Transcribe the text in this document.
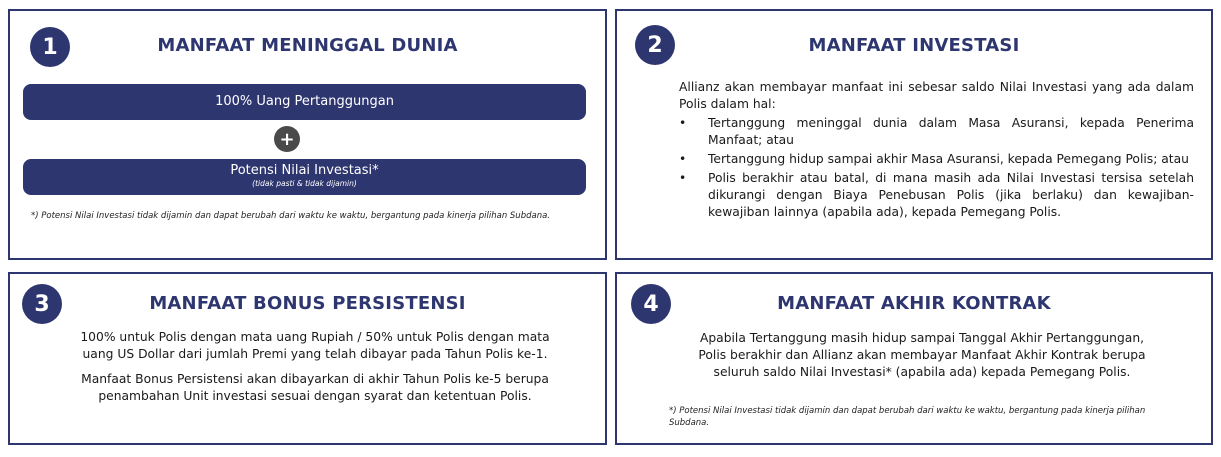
1	MANFAAT MENINGGAL DUNIA
100% Uang Pertanggungan
+
Potensi Nilai Investasi*
(tidak pasti & tidak dijamin)
*) Potensi Nilai Investasi tidak dijamin dan dapat berubah dari waktu ke waktu, bergantung pada kinerja pilihan Subdana.
2	MANFAAT INVESTASI
Allianz akan membayar manfaat ini sebesar saldo Nilai Investasi yang ada dalam Polis dalam hal:
• Tertanggung meninggal dunia dalam Masa Asuransi, kepada Penerima Manfaat; atau
• Tertanggung hidup sampai akhir Masa Asuransi, kepada Pemegang Polis; atau
• Polis berakhir atau batal, di mana masih ada Nilai Investasi tersisa setelah dikurangi dengan Biaya Penebusan Polis (jika berlaku) dan kewajiban-kewajiban lainnya (apabila ada), kepada Pemegang Polis.
3	MANFAAT BONUS PERSISTENSI
100% untuk Polis dengan mata uang Rupiah / 50% untuk Polis dengan mata uang US Dollar dari jumlah Premi yang telah dibayar pada Tahun Polis ke-1.
Manfaat Bonus Persistensi akan dibayarkan di akhir Tahun Polis ke-5 berupa penambahan Unit investasi sesuai dengan syarat dan ketentuan Polis.
4	MANFAAT AKHIR KONTRAK
Apabila Tertanggung masih hidup sampai Tanggal Akhir Pertanggungan, Polis berakhir dan Allianz akan membayar Manfaat Akhir Kontrak berupa seluruh saldo Nilai Investasi* (apabila ada) kepada Pemegang Polis.
*) Potensi Nilai Investasi tidak dijamin dan dapat berubah dari waktu ke waktu, bergantung pada kinerja pilihan Subdana.
